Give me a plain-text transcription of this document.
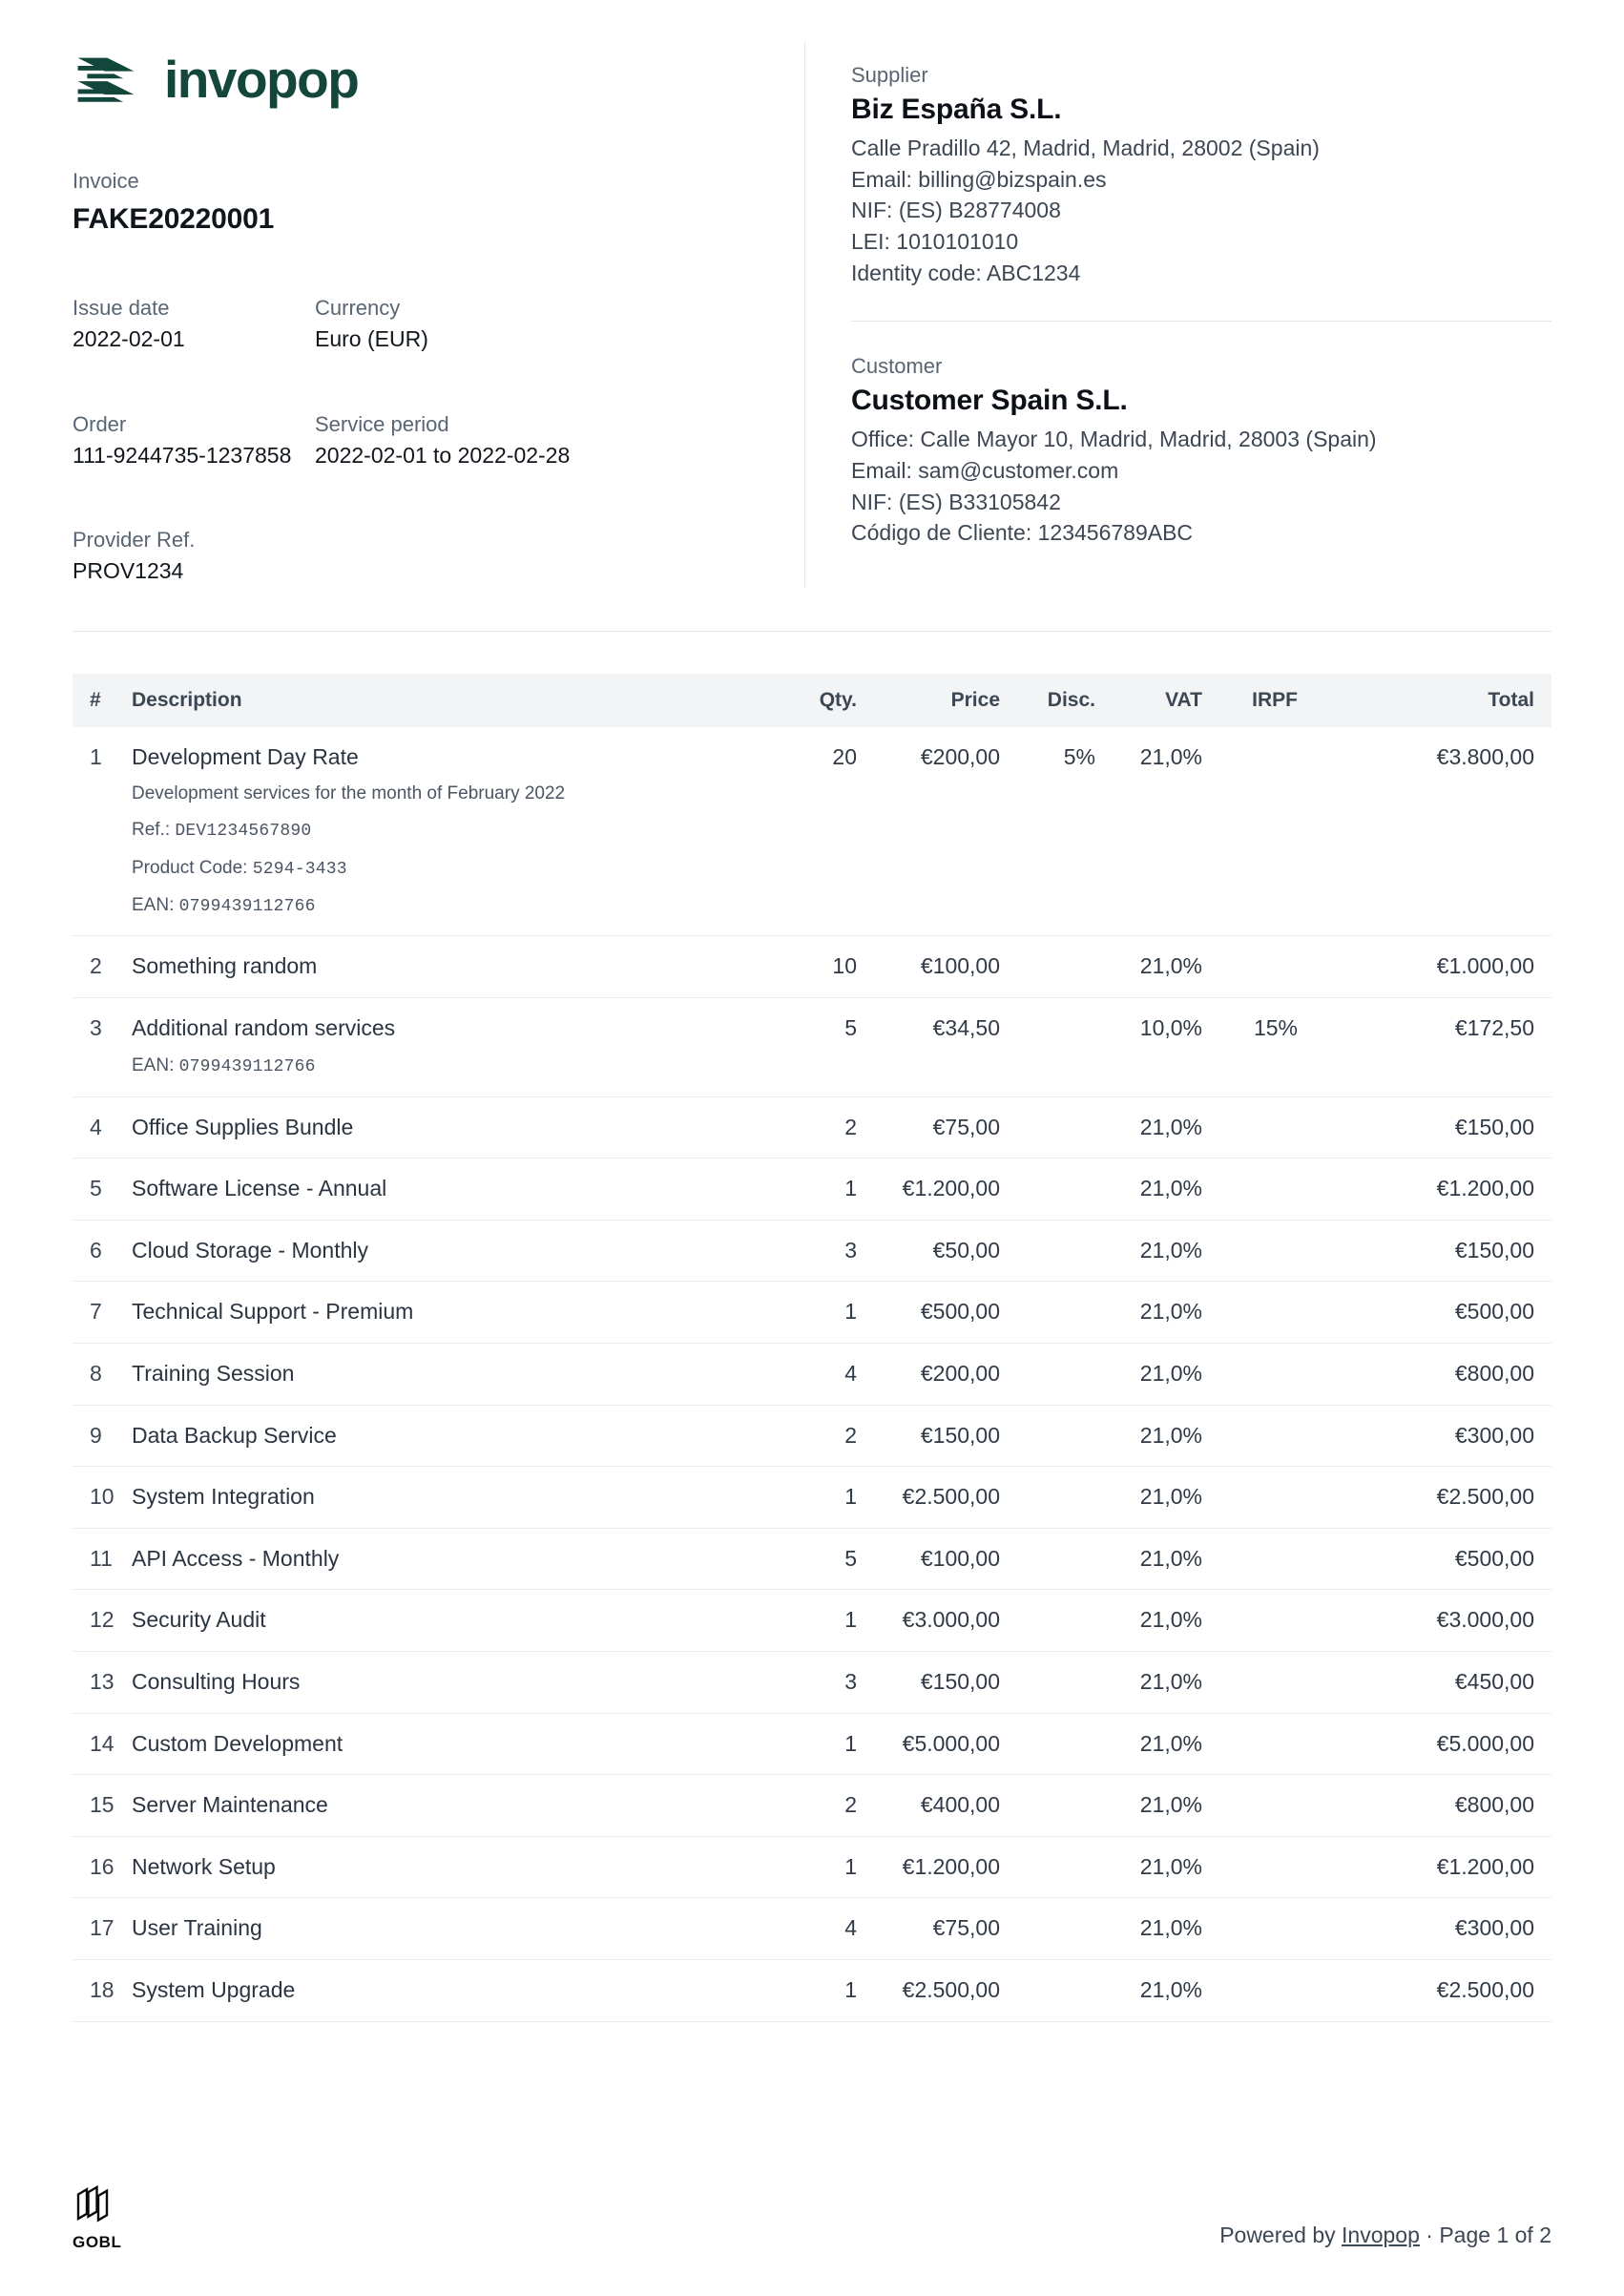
invopop
Invoice
FAKE20220001
Issue date
2022-02-01
Currency
Euro (EUR)
Order
111-9244735-1237858
Service period
2022-02-01 to 2022-02-28
Provider Ref.
PROV1234
Supplier
Biz España S.L.
Calle Pradillo 42, Madrid, Madrid, 28002 (Spain)
Email: billing@bizspain.es
NIF: (ES) B28774008
LEI: 1010101010
Identity code: ABC1234
Customer
Customer Spain S.L.
Office: Calle Mayor 10, Madrid, Madrid, 28003 (Spain)
Email: sam@customer.com
NIF: (ES) B33105842
Código de Cliente: 123456789ABC
#	Description	Qty.	Price	Disc.	VAT	IRPF	Total
1	Development Day Rate
Development services for the month of February 2022
Ref.: DEV1234567890
Product Code: 5294-3433
EAN: 0799439112766	20	€200,00	5%	21,0%		€3.800,00
2	Something random	10	€100,00		21,0%		€1.000,00
3	Additional random services
EAN: 0799439112766	5	€34,50		10,0%	15%	€172,50
4	Office Supplies Bundle	2	€75,00		21,0%		€150,00
5	Software License - Annual	1	€1.200,00		21,0%		€1.200,00
6	Cloud Storage - Monthly	3	€50,00		21,0%		€150,00
7	Technical Support - Premium	1	€500,00		21,0%		€500,00
8	Training Session	4	€200,00		21,0%		€800,00
9	Data Backup Service	2	€150,00		21,0%		€300,00
10	System Integration	1	€2.500,00		21,0%		€2.500,00
11	API Access - Monthly	5	€100,00		21,0%		€500,00
12	Security Audit	1	€3.000,00		21,0%		€3.000,00
13	Consulting Hours	3	€150,00		21,0%		€450,00
14	Custom Development	1	€5.000,00		21,0%		€5.000,00
15	Server Maintenance	2	€400,00		21,0%		€800,00
16	Network Setup	1	€1.200,00		21,0%		€1.200,00
17	User Training	4	€75,00		21,0%		€300,00
18	System Upgrade	1	€2.500,00		21,0%		€2.500,00
GOBL	Powered by Invopop · Page 1 of 2
